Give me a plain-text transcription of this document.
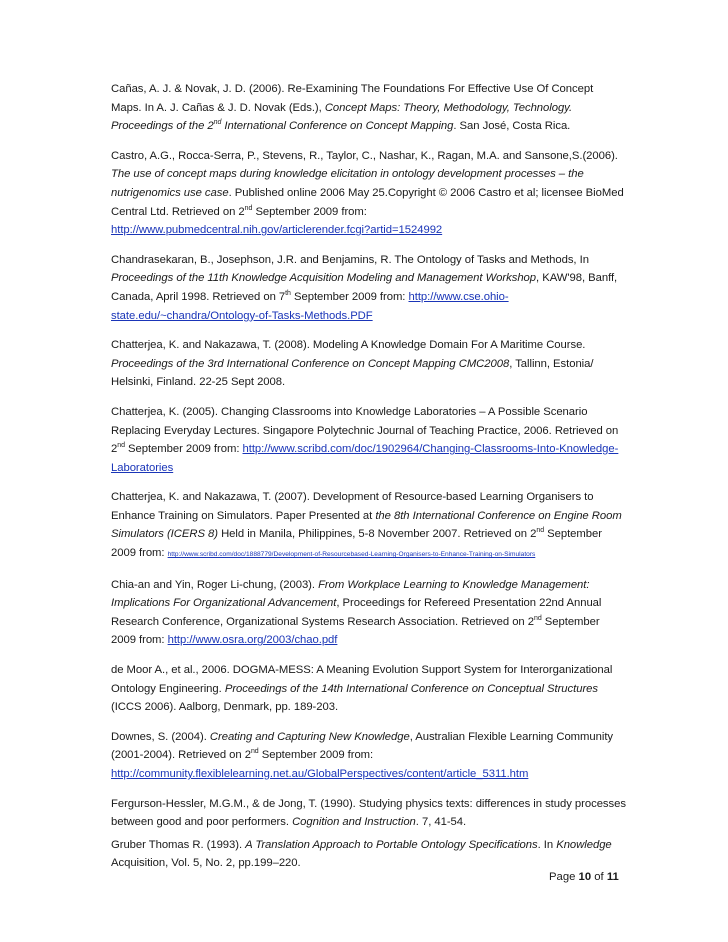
Cañas, A. J. & Novak, J. D. (2006). Re-Examining The Foundations For Effective Use Of Concept Maps. In A. J. Cañas & J. D. Novak (Eds.), Concept Maps: Theory, Methodology, Technology. Proceedings of the 2nd International Conference on Concept Mapping. San José, Costa Rica.

Castro, A.G., Rocca-Serra, P., Stevens, R., Taylor, C., Nashar, K., Ragan, M.A. and Sansone,S.(2006). The use of concept maps during knowledge elicitation in ontology development processes – the nutrigenomics use case. Published online 2006 May 25.Copyright © 2006 Castro et al; licensee BioMed Central Ltd. Retrieved on 2nd September 2009 from: http://www.pubmedcentral.nih.gov/articlerender.fcgi?artid=1524992

Chandrasekaran, B., Josephson, J.R. and Benjamins, R. The Ontology of Tasks and Methods, In Proceedings of the 11th Knowledge Acquisition Modeling and Management Workshop, KAW'98, Banff, Canada, April 1998. Retrieved on 7th September 2009 from: http://www.cse.ohio-state.edu/~chandra/Ontology-of-Tasks-Methods.PDF

Chatterjea, K. and Nakazawa, T. (2008). Modeling A Knowledge Domain For A Maritime Course. Proceedings of the 3rd International Conference on Concept Mapping CMC2008, Tallinn, Estonia/ Helsinki, Finland. 22-25 Sept 2008.

Chatterjea, K. (2005). Changing Classrooms into Knowledge Laboratories – A Possible Scenario Replacing Everyday Lectures. Singapore Polytechnic Journal of Teaching Practice, 2006. Retrieved on 2nd September 2009 from: http://www.scribd.com/doc/1902964/Changing-Classrooms-Into-Knowledge-Laboratories

Chatterjea, K. and Nakazawa, T. (2007). Development of Resource-based Learning Organisers to Enhance Training on Simulators. Paper Presented at the 8th International Conference on Engine Room Simulators (ICERS 8) Held in Manila, Philippines, 5-8 November 2007. Retrieved on 2nd September 2009 from: http://www.scribd.com/doc/1888779/Development-of-Resourcebased-Learning-Organisers-to-Enhance-Training-on-Simulators

Chia-an and Yin, Roger Li-chung, (2003). From Workplace Learning to Knowledge Management: Implications For Organizational Advancement, Proceedings for Refereed Presentation 22nd Annual Research Conference, Organizational Systems Research Association. Retrieved on 2nd September 2009 from: http://www.osra.org/2003/chao.pdf

de Moor A., et al., 2006. DOGMA-MESS: A Meaning Evolution Support System for Interorganizational Ontology Engineering. Proceedings of the 14th International Conference on Conceptual Structures (ICCS 2006). Aalborg, Denmark, pp. 189-203.

Downes, S. (2004). Creating and Capturing New Knowledge, Australian Flexible Learning Community (2001-2004). Retrieved on 2nd September 2009 from: http://community.flexiblelearning.net.au/GlobalPerspectives/content/article_5311.htm

Fergurson-Hessler, M.G.M., & de Jong, T. (1990). Studying physics texts: differences in study processes between good and poor performers. Cognition and Instruction. 7, 41-54.

Gruber Thomas R. (1993). A Translation Approach to Portable Ontology Specifications. In Knowledge Acquisition, Vol. 5, No. 2, pp.199–220.

Page 10 of 11
